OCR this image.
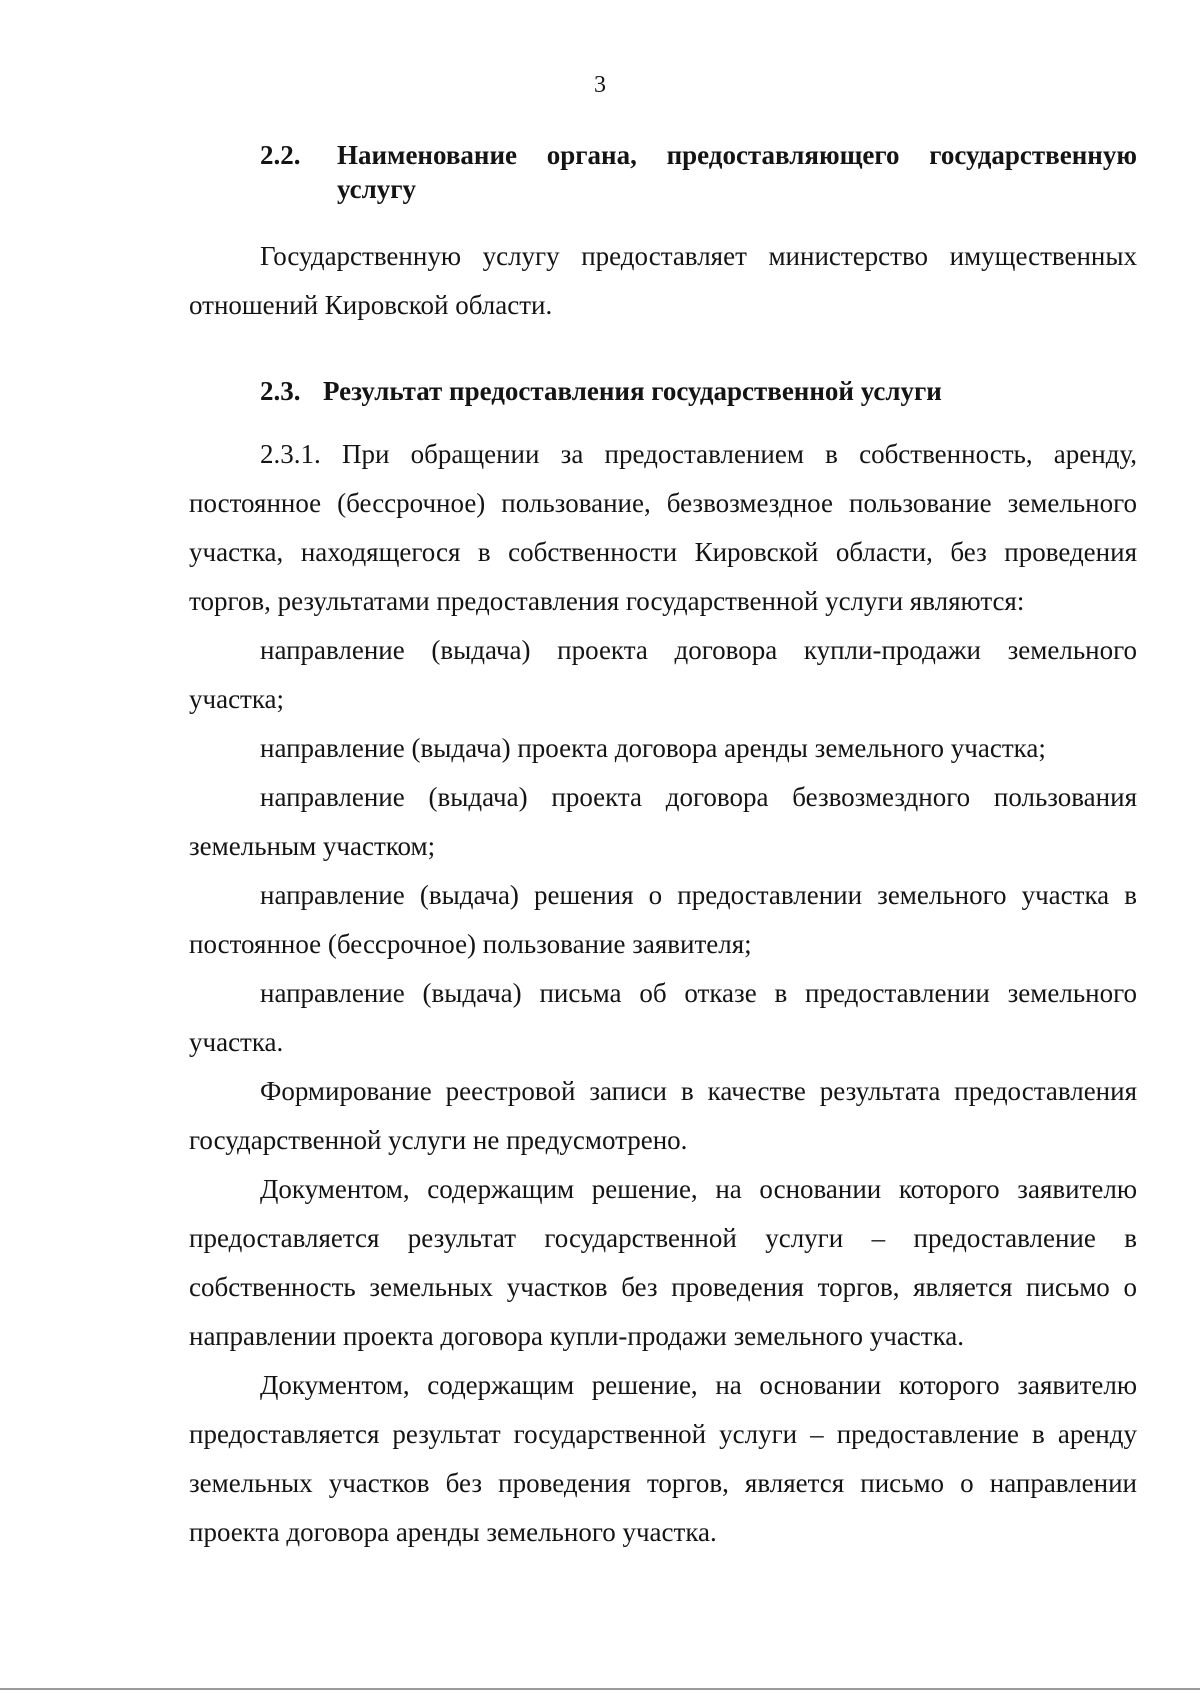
3
2.2.	Наименование органа, предоставляющего государственную услугу

Государственную услугу предоставляет министерство имущественных отношений Кировской области.

2.3. Результат предоставления государственной услуги

2.3.1. При обращении за предоставлением в собственность, аренду, постоянное (бессрочное) пользование, безвозмездное пользование земельного участка, находящегося в собственности Кировской области, без проведения торгов, результатами предоставления государственной услуги являются:

направление (выдача) проекта договора купли-продажи земельного участка;

направление (выдача) проекта договора аренды земельного участка;

направление (выдача) проекта договора безвозмездного пользования земельным участком;

направление (выдача) решения о предоставлении земельного участка в постоянное (бессрочное) пользование заявителя;

направление (выдача) письма об отказе в предоставлении земельного участка.

Формирование реестровой записи в качестве результата предоставления государственной услуги не предусмотрено.

Документом, содержащим решение, на основании которого заявителю предоставляется результат государственной услуги – предоставление в собственность земельных участков без проведения торгов, является письмо о направлении проекта договора купли-продажи земельного участка.

Документом, содержащим решение, на основании которого заявителю предоставляется результат государственной услуги – предоставление в аренду земельных участков без проведения торгов, является письмо о направлении проекта договора аренды земельного участка.
